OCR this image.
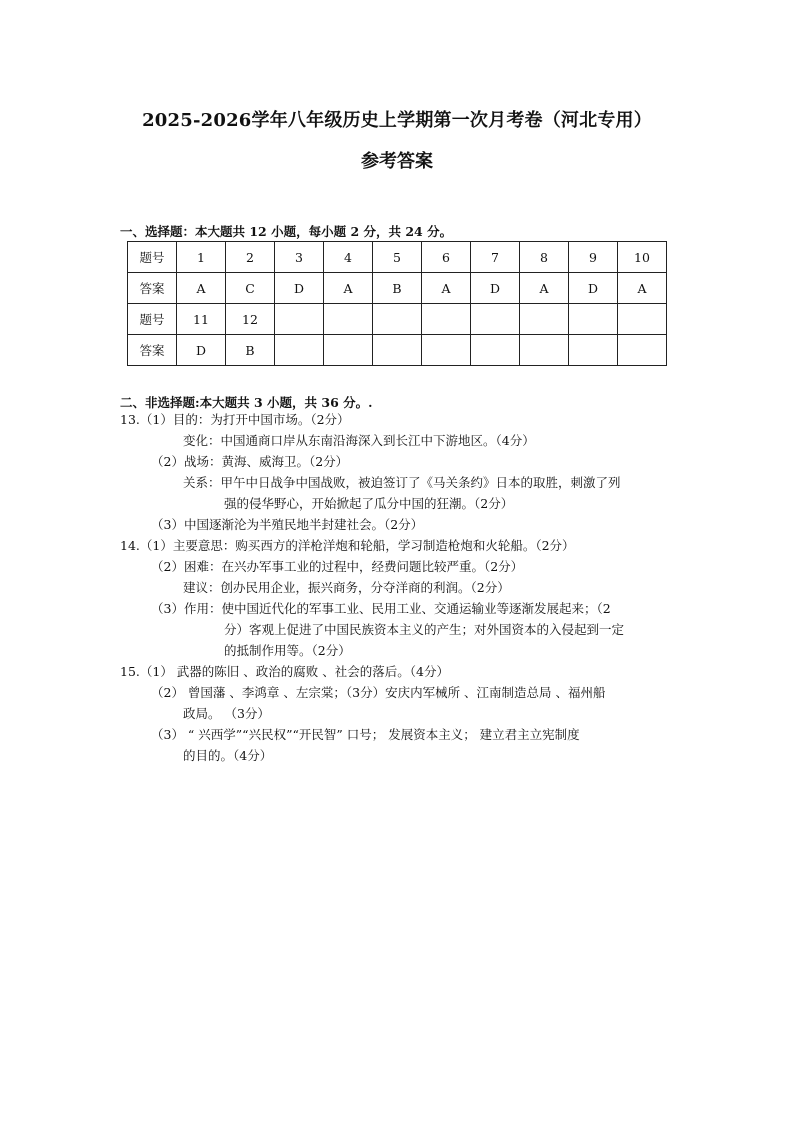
2025-2026学年八年级历史上学期第一次月考卷（河北专用）
参考答案
一、选择题：本大题共 12 小题，每小题 2 分，共 24 分。
题号	1	2	3	4	5	6	7	8	9	10
答案	A	C	D	A	B	A	D	A	D	A
题号	11	12								
答案	D	B								
二、非选择题:本大题共 3 小题，共 36 分。.
13.（1）目的：为打开中国市场。（2分）
变化：中国通商口岸从东南沿海深入到长江中下游地区。（4分）
（2）战场：黄海、威海卫。（2分）
关系：甲午中日战争中国战败，被迫签订了《马关条约》日本的取胜，刺激了列
强的侵华野心，开始掀起了瓜分中国的狂潮。（2分）
（3）中国逐渐沦为半殖民地半封建社会。（2分）
14.（1）主要意思：购买西方的洋枪洋炮和轮船，学习制造枪炮和火轮船。（2分）
（2）困难：在兴办军事工业的过程中，经费问题比较严重。（2分）
建议：创办民用企业，振兴商务，分夺洋商的利润。（2分）
（3）作用：使中国近代化的军事工业、民用工业、交通运输业等逐渐发展起来；（2
分）客观上促进了中国民族资本主义的产生；对外国资本的入侵起到一定
的抵制作用等。（2分）
15.（1） 武器的陈旧 、政治的腐败 、社会的落后。（4分）
（2） 曾国藩 、李鸿章 、左宗棠；（3分）安庆内军械所 、江南制造总局 、福州船
政局。 （3分）
（3） “ 兴西学”“兴民权”“开民智” 口号； 发展资本主义； 建立君主立宪制度
的目的。（4分）
